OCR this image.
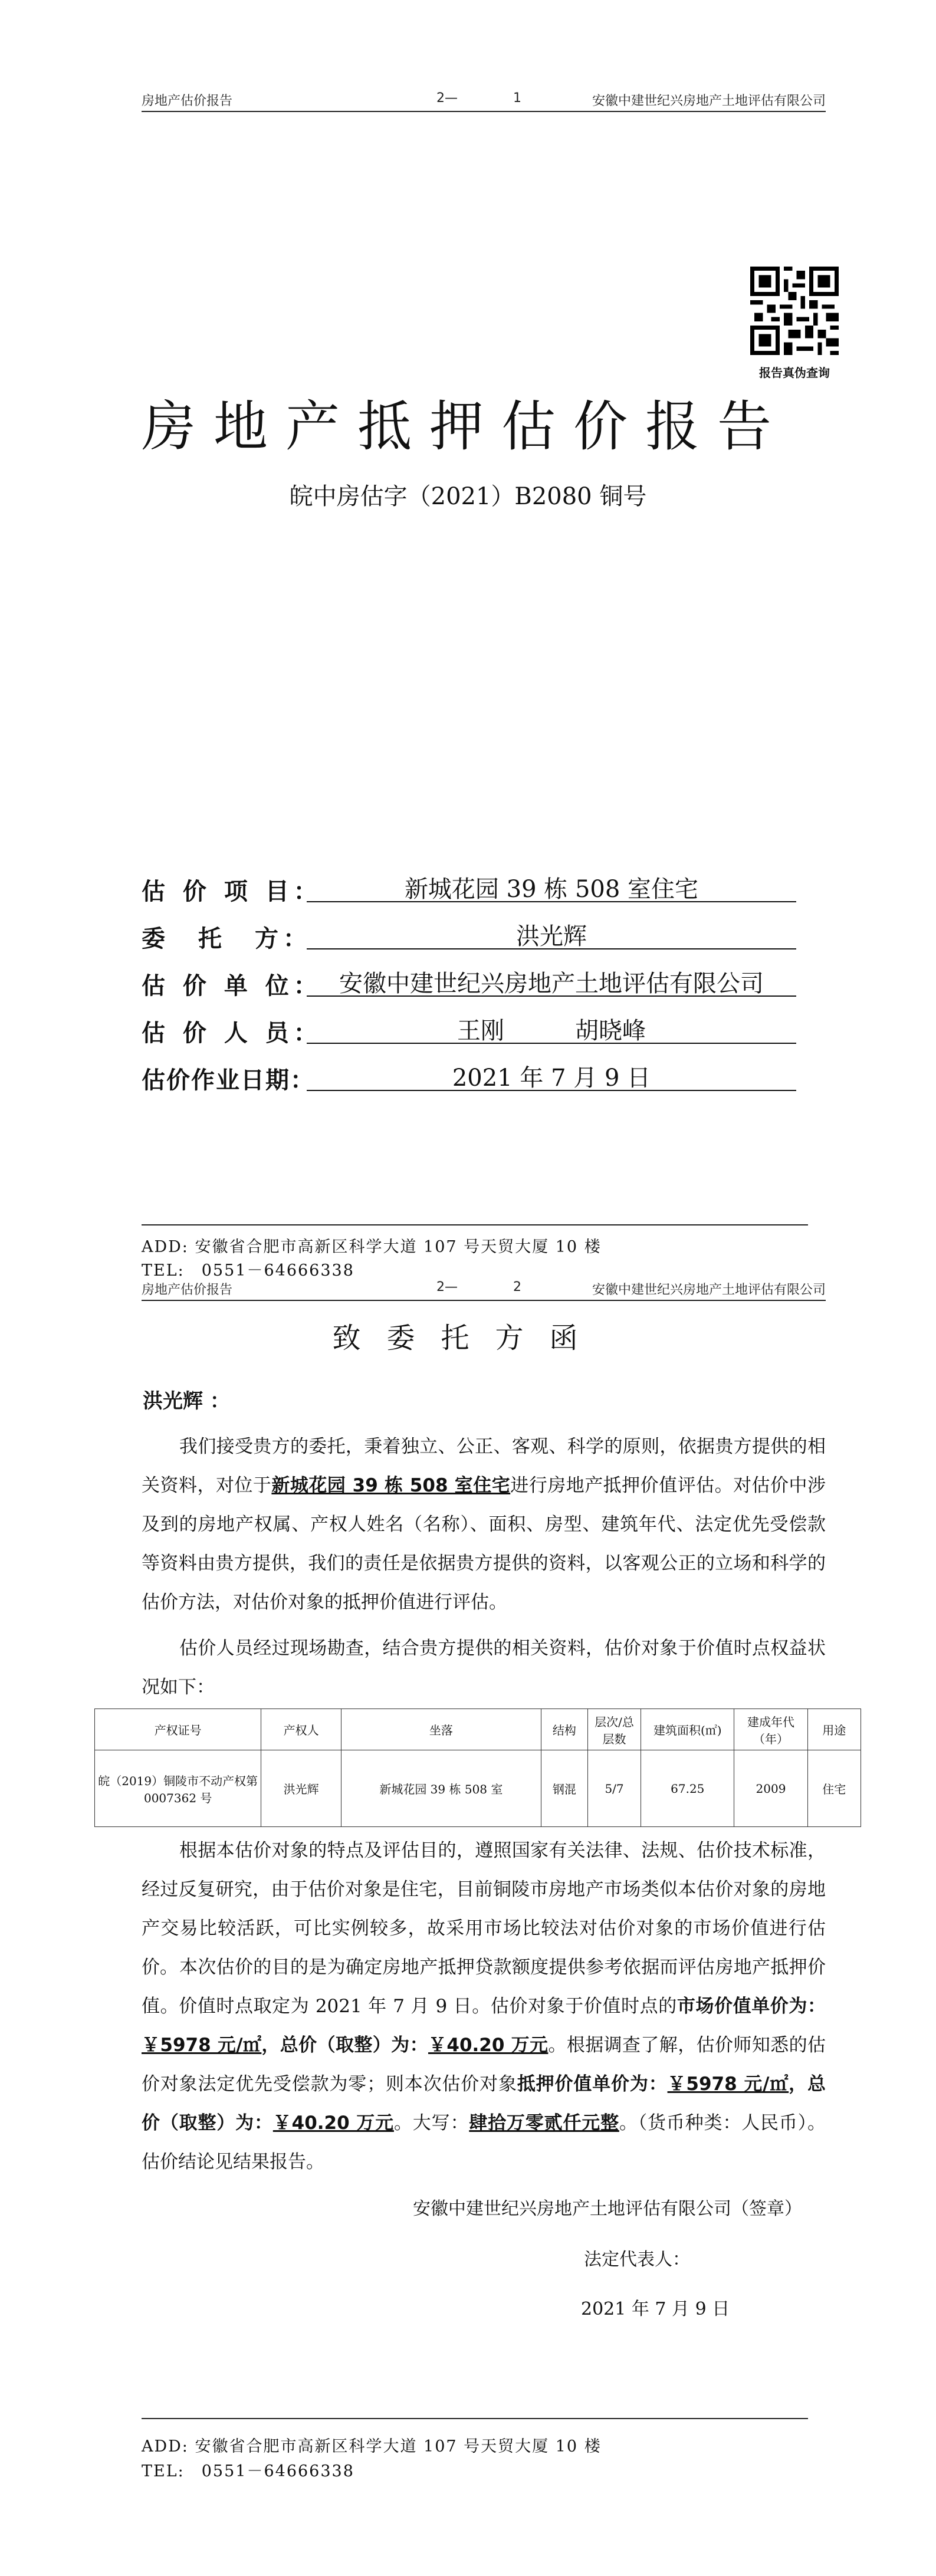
房地产估价报告	2—	1	安徽中建世纪兴房地产土地评估有限公司
报告真伪查询
房地产抵押估价报告
皖中房估字（2021）B2080 铜号
估 价 项 目：	新城花园 39 栋 508 室住宅
委　托　方：	洪光辉
估 价 单 位： 安徽中建世纪兴房地产土地评估有限公司
估 价 人 员：	王刚	胡晓峰
估价作业日期：	2021 年 7 月 9 日
ADD: 安徽省合肥市高新区科学大道 107 号天贸大厦 10 楼
TEL:　0551－64666338
房地产估价报告	2—	2	安徽中建世纪兴房地产土地评估有限公司
致委托方函
洪光辉 ：
我们接受贵方的委托，秉着独立、公正、客观、科学的原则，依据贵方提供的相关资料，对位于新城花园 39 栋 508 室住宅进行房地产抵押价值评估。对估价中涉及到的房地产权属、产权人姓名（名称）、面积、房型、建筑年代、法定优先受偿款等资料由贵方提供，我们的责任是依据贵方提供的资料，以客观公正的立场和科学的估价方法，对估价对象的抵押价值进行评估。
估价人员经过现场勘查，结合贵方提供的相关资料，估价对象于价值时点权益状况如下：
产权证号	产权人	坐落	结构	层次/总层数	建筑面积(㎡)	建成年代（年）	用途
皖（2019）铜陵市不动产权第 0007362 号	洪光辉	新城花园 39 栋 508 室	钢混	5/7	67.25	2009	住宅
根据本估价对象的特点及评估目的，遵照国家有关法律、法规、估价技术标准，经过反复研究，由于估价对象是住宅，目前铜陵市房地产市场类似本估价对象的房地产交易比较活跃，可比实例较多，故采用市场比较法对估价对象的市场价值进行估价。 本次估价的目的是为确定房地产抵押贷款额度提供参考依据而评估房地产抵押价值。价值时点取定为 2021 年 7 月 9 日。估价对象于价值时点的市场价值单价为：￥5978 元/㎡，总价（取整）为：￥40.20 万元。根据调查了解，估价师知悉的估价对象法定优先受偿款为零；则本次估价对象抵押价值单价为：￥5978 元/㎡，总价（取整）为：￥40.20 万元。大写：肆拾万零贰仟元整。（货币种类：人民币）。估价结论见结果报告。
安徽中建世纪兴房地产土地评估有限公司（签章）
法定代表人：
2021 年 7 月 9 日
ADD: 安徽省合肥市高新区科学大道 107 号天贸大厦 10 楼
TEL:　0551－64666338
